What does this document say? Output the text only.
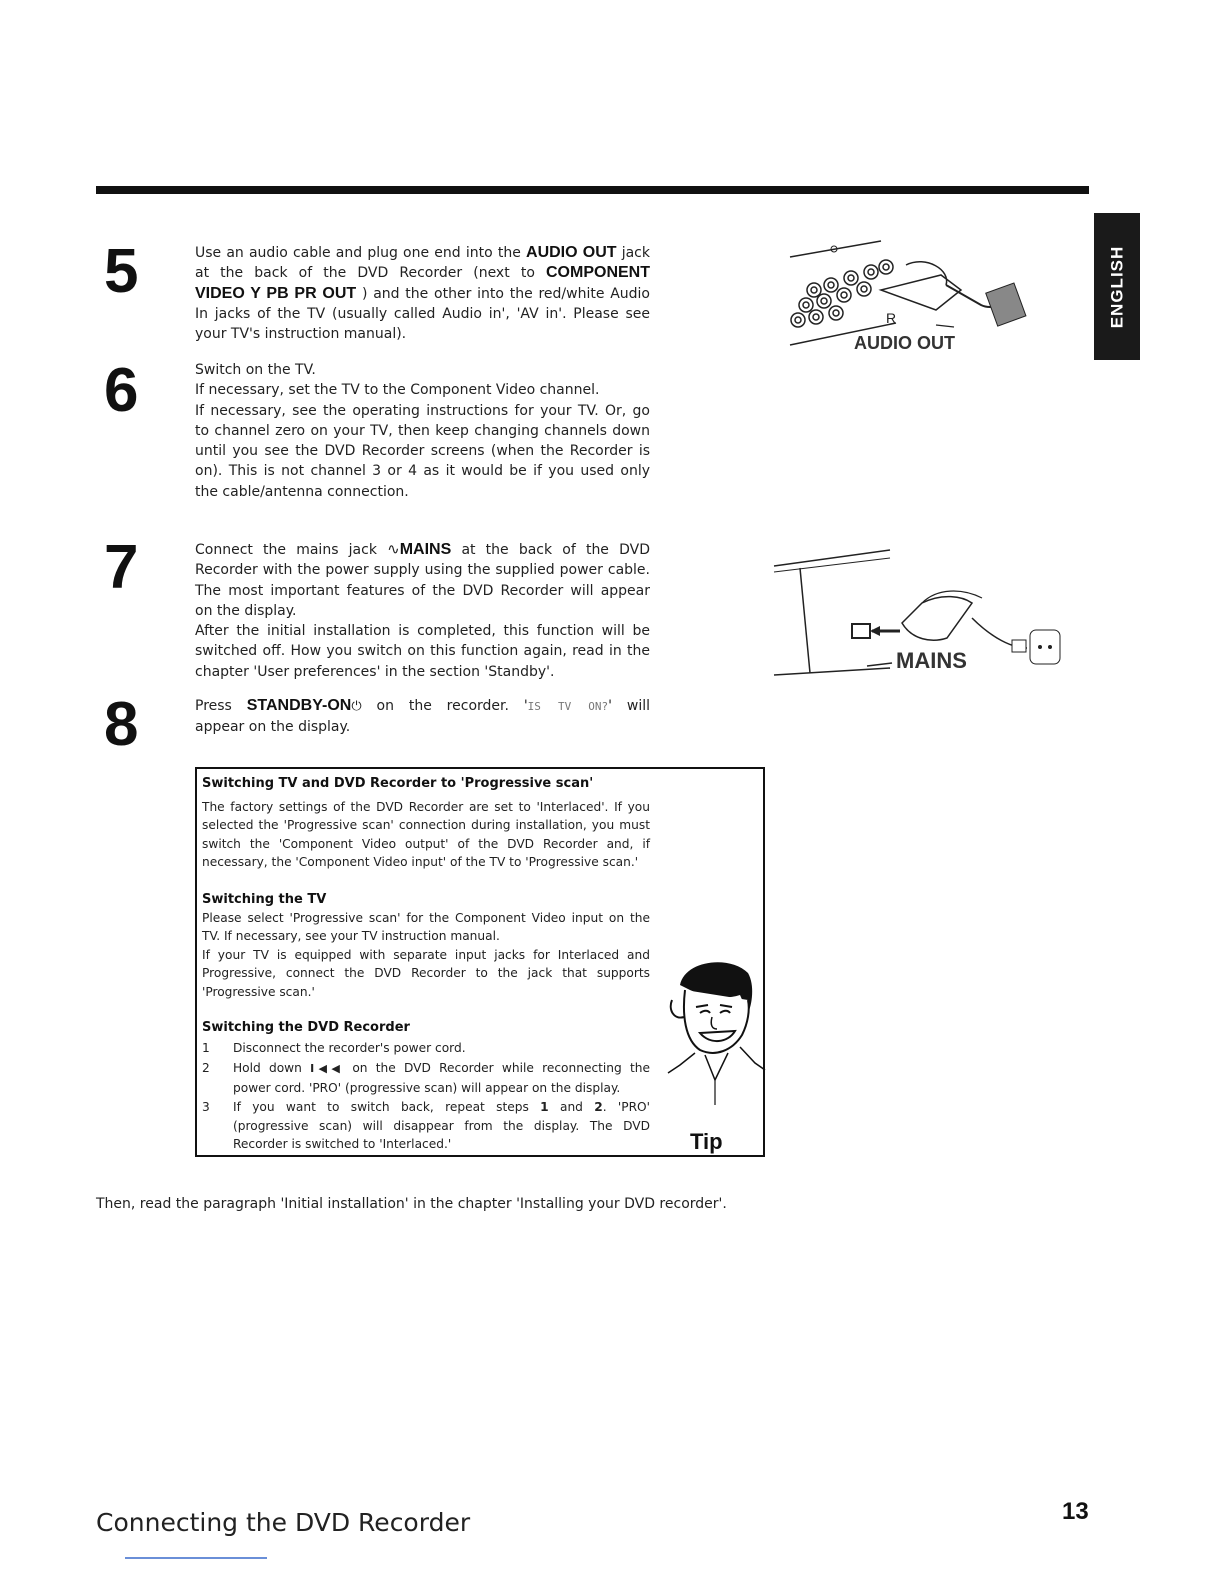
ENGLISH
5	Use an audio cable and plug one end into the AUDIO OUT jack
at the back of the DVD Recorder (next to COMPONENT
VIDEO Y PB PR OUT ) and the other into the red/white Audio
In jacks of the TV (usually called Audio in', 'AV in'. Please see
your TV's instruction manual).
6	Switch on the TV.
If necessary, set the TV to the Component Video channel.
If necessary, see the operating instructions for your TV. Or, go
to channel zero on your TV, then keep changing channels down
until you see the DVD Recorder screens (when the Recorder is
on). This is not channel 3 or 4 as it would be if you used only
the cable/antenna connection.
7	Connect the mains jack ∿MAINS at the back of the DVD
Recorder with the power supply using the supplied power cable.
The most important features of the DVD Recorder will appear
on the display.
After the initial installation is completed, this function will be
switched off. How you switch on this function again, read in the
chapter 'User preferences' in the section 'Standby'.
8	Press STANDBY-ON⏻ on the recorder. 'IS TV ON?' will
appear on the display.
R
AUDIO OUT
MAINS
Switching TV and DVD Recorder to 'Progressive scan'
The factory settings of the DVD Recorder are set to 'Interlaced'. If you
selected the 'Progressive scan' connection during installation, you must
switch the 'Component Video output' of the DVD Recorder and, if
necessary, the 'Component Video input' of the TV to 'Progressive scan.'
Switching the TV
Please select 'Progressive scan' for the Component Video input on the
TV. If necessary, see your TV instruction manual.
If your TV is equipped with separate input jacks for Interlaced and
Progressive, connect the DVD Recorder to the jack that supports
'Progressive scan.'
Switching the DVD Recorder
1 Disconnect the recorder's power cord.
2 Hold down I◀◀ on the DVD Recorder while reconnecting the
power cord. 'PRO' (progressive scan) will appear on the display.
3 If you want to switch back, repeat steps 1 and 2. 'PRO'
(progressive scan) will disappear from the display. The DVD
Recorder is switched to 'Interlaced.'	Tip
Then, read the paragraph 'Initial installation' in the chapter 'Installing your DVD recorder'.
Connecting the DVD Recorder	13
